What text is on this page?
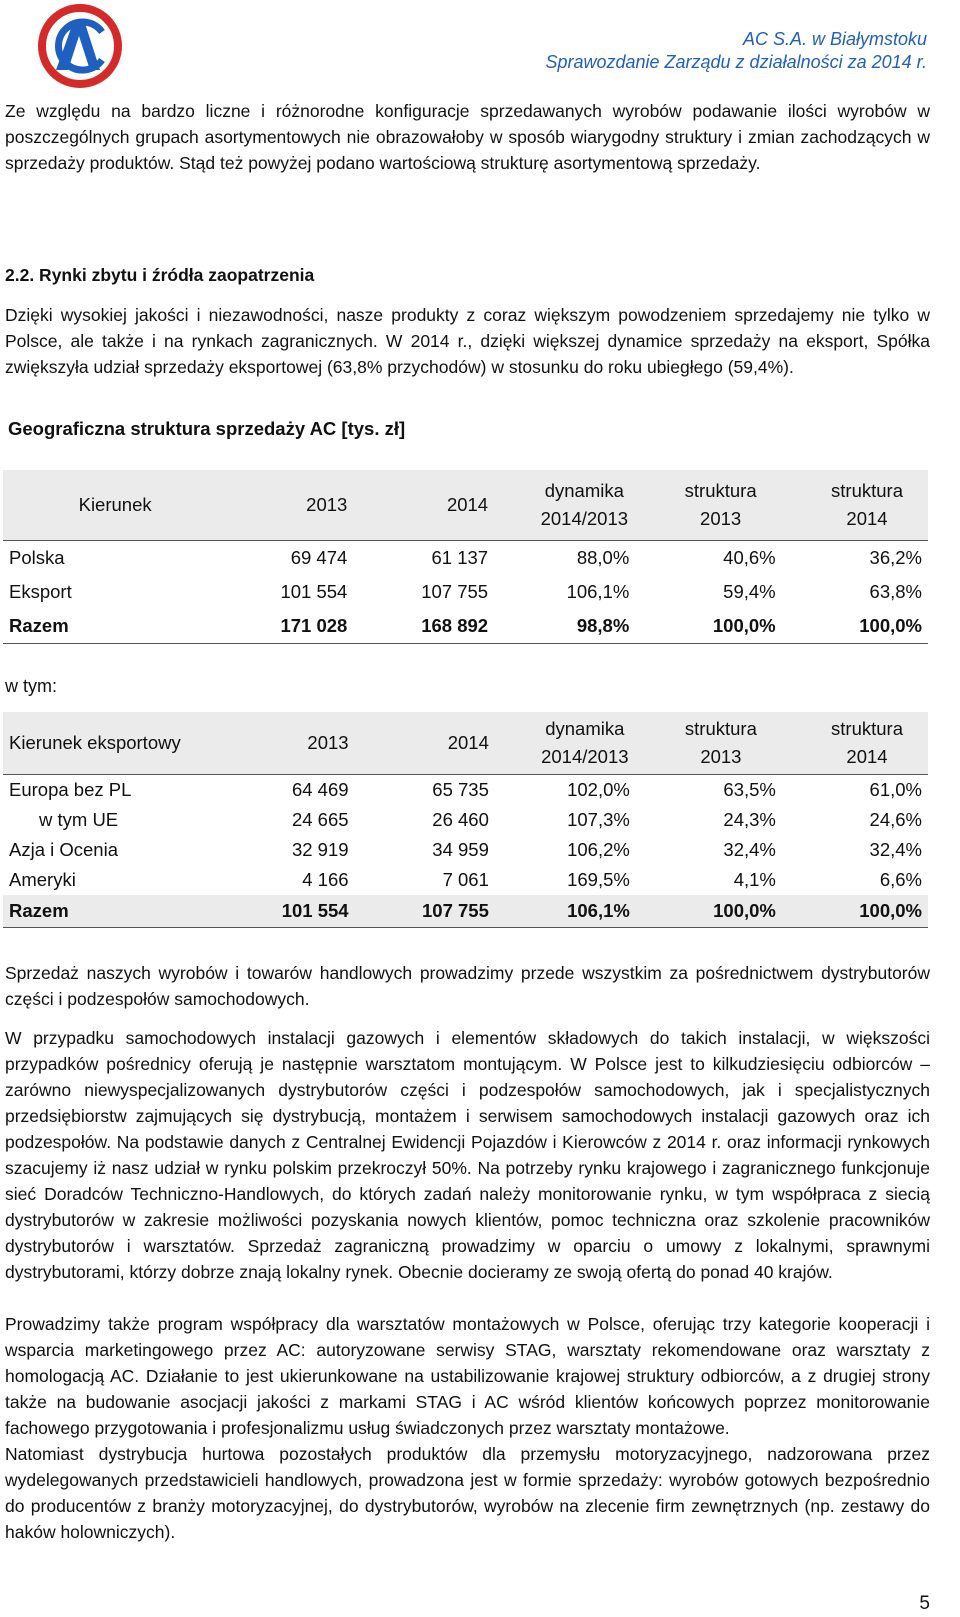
AC S.A. w Białymstoku
Sprawozdanie Zarządu z działalności za 2014 r.
Ze względu na bardzo liczne i różnorodne konfiguracje sprzedawanych wyrobów podawanie ilości wyrobów w poszczególnych grupach asortymentowych nie obrazowałoby w sposób wiarygodny struktury i zmian zachodzących w sprzedaży produktów. Stąd też powyżej podano wartościową strukturę asortymentową sprzedaży.
2.2. Rynki zbytu i źródła zaopatrzenia
Dzięki wysokiej jakości i niezawodności, nasze produkty z coraz większym powodzeniem sprzedajemy nie tylko w Polsce, ale także i na rynkach zagranicznych. W 2014 r., dzięki większej dynamice sprzedaży na eksport, Spółka zwiększyła udział sprzedaży eksportowej (63,8% przychodów) w stosunku do roku ubiegłego (59,4%).
Geograficzna struktura sprzedaży AC [tys. zł]
Kierunek	2013	2014	dynamika 2014/2013	struktura 2013	struktura 2014

Polska	69 474	61 137	88,0%	40,6%	36,2%
Eksport	101 554	107 755	106,1%	59,4%	63,8%
Razem	171 028	168 892	98,8%	100,0%	100,0%
w tym:
Kierunek eksportowy	2013	2014	dynamika 2014/2013	struktura 2013	struktura 2014

Europa bez PL	64 469	65 735	102,0%	63,5%	61,0%
w tym UE	24 665	26 460	107,3%	24,3%	24,6%
Azja i Ocenia	32 919	34 959	106,2%	32,4%	32,4%
Ameryki	4 166	7 061	169,5%	4,1%	6,6%
Razem	101 554	107 755	106,1%	100,0%	100,0%
Sprzedaż naszych wyrobów i towarów handlowych prowadzimy przede wszystkim za pośrednictwem dystrybutorów części i podzespołów samochodowych.
W przypadku samochodowych instalacji gazowych i elementów składowych do takich instalacji, w większości przypadków pośrednicy oferują je następnie warsztatom montującym. W Polsce jest to kilkudziesięciu odbiorców – zarówno niewyspecjalizowanych dystrybutorów części i podzespołów samochodowych, jak i specjalistycznych przedsiębiorstw zajmujących się dystrybucją, montażem i serwisem samochodowych instalacji gazowych oraz ich podzespołów. Na podstawie danych z Centralnej Ewidencji Pojazdów i Kierowców z 2014 r. oraz informacji rynkowych szacujemy iż nasz udział w rynku polskim przekroczył 50%. Na potrzeby rynku krajowego i zagranicznego funkcjonuje sieć Doradców Techniczno-Handlowych, do których zadań należy monitorowanie rynku, w tym współpraca z siecią dystrybutorów w zakresie możliwości pozyskania nowych klientów, pomoc techniczna oraz szkolenie pracowników dystrybutorów i warsztatów. Sprzedaż zagraniczną prowadzimy w oparciu o umowy z lokalnymi, sprawnymi dystrybutorami, którzy dobrze znają lokalny rynek. Obecnie docieramy ze swoją ofertą do ponad 40 krajów.
Prowadzimy także program współpracy dla warsztatów montażowych w Polsce, oferując trzy kategorie kooperacji i wsparcia marketingowego przez AC: autoryzowane serwisy STAG, warsztaty rekomendowane oraz warsztaty z homologacją AC. Działanie to jest ukierunkowane na ustabilizowanie krajowej struktury odbiorców, a z drugiej strony także na budowanie asocjacji jakości z markami STAG i AC wśród klientów końcowych poprzez monitorowanie fachowego przygotowania i profesjonalizmu usług świadczonych przez warsztaty montażowe.
Natomiast dystrybucja hurtowa pozostałych produktów dla przemysłu motoryzacyjnego, nadzorowana przez wydelegowanych przedstawicieli handlowych, prowadzona jest w formie sprzedaży: wyrobów gotowych bezpośrednio do producentów z branży motoryzacyjnej, do dystrybutorów, wyrobów na zlecenie firm zewnętrznych (np. zestawy do haków holowniczych).
5
